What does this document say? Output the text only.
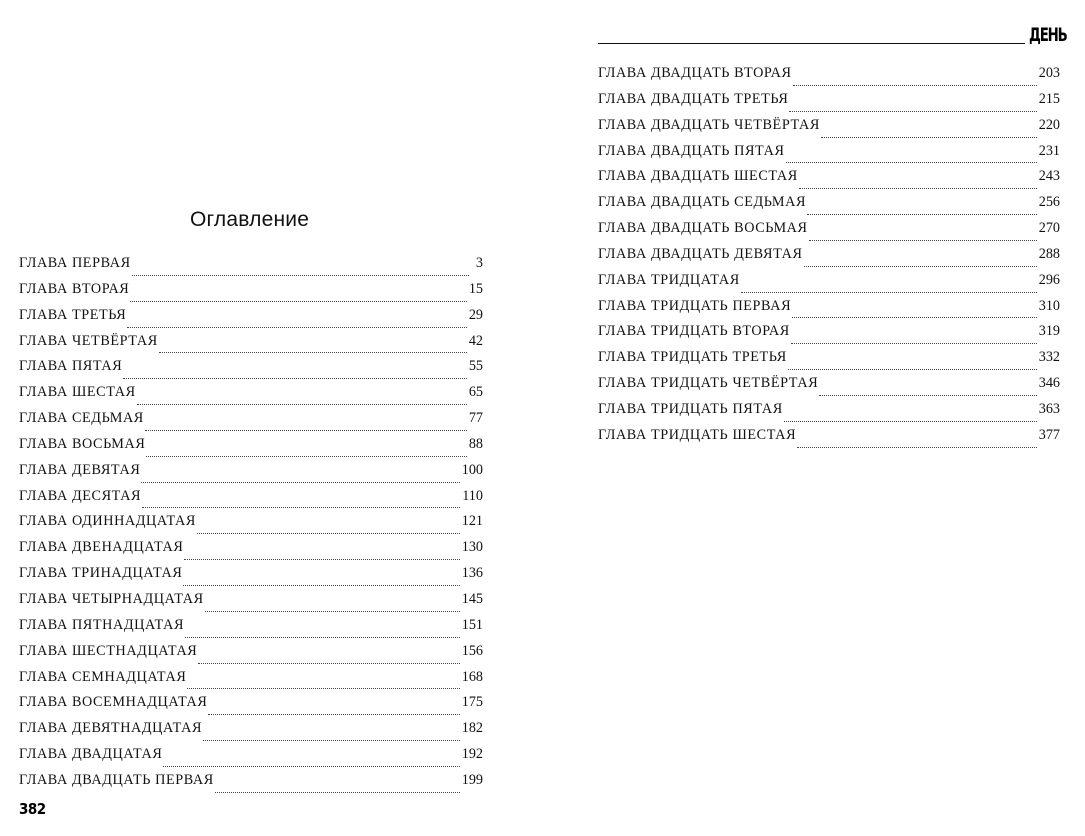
Оглавление
ГЛАВА ПЕРВАЯ	3
ГЛАВА ВТОРАЯ	15
ГЛАВА ТРЕТЬЯ	29
ГЛАВА ЧЕТВЁРТАЯ	42
ГЛАВА ПЯТАЯ	55
ГЛАВА ШЕСТАЯ	65
ГЛАВА СЕДЬМАЯ	77
ГЛАВА ВОСЬМАЯ	88
ГЛАВА ДЕВЯТАЯ	100
ГЛАВА ДЕСЯТАЯ	110
ГЛАВА ОДИННАДЦАТАЯ	121
ГЛАВА ДВЕНАДЦАТАЯ	130
ГЛАВА ТРИНАДЦАТАЯ	136
ГЛАВА ЧЕТЫРНАДЦАТАЯ	145
ГЛАВА ПЯТНАДЦАТАЯ	151
ГЛАВА ШЕСТНАДЦАТАЯ	156
ГЛАВА СЕМНАДЦАТАЯ	168
ГЛАВА ВОСЕМНАДЦАТАЯ	175
ГЛАВА ДЕВЯТНАДЦАТАЯ	182
ГЛАВА ДВАДЦАТАЯ	192
ГЛАВА ДВАДЦАТЬ ПЕРВАЯ	199
ГЛАВА ДВАДЦАТЬ ВТОРАЯ	203
ГЛАВА ДВАДЦАТЬ ТРЕТЬЯ	215
ГЛАВА ДВАДЦАТЬ ЧЕТВЁРТАЯ	220
ГЛАВА ДВАДЦАТЬ ПЯТАЯ	231
ГЛАВА ДВАДЦАТЬ ШЕСТАЯ	243
ГЛАВА ДВАДЦАТЬ СЕДЬМАЯ	256
ГЛАВА ДВАДЦАТЬ ВОСЬМАЯ	270
ГЛАВА ДВАДЦАТЬ ДЕВЯТАЯ	288
ГЛАВА ТРИДЦАТАЯ	296
ГЛАВА ТРИДЦАТЬ ПЕРВАЯ	310
ГЛАВА ТРИДЦАТЬ ВТОРАЯ	319
ГЛАВА ТРИДЦАТЬ ТРЕТЬЯ	332
ГЛАВА ТРИДЦАТЬ ЧЕТВЁРТАЯ	346
ГЛАВА ТРИДЦАТЬ ПЯТАЯ	363
ГЛАВА ТРИДЦАТЬ ШЕСТАЯ	377
382
ДЕНЬ
